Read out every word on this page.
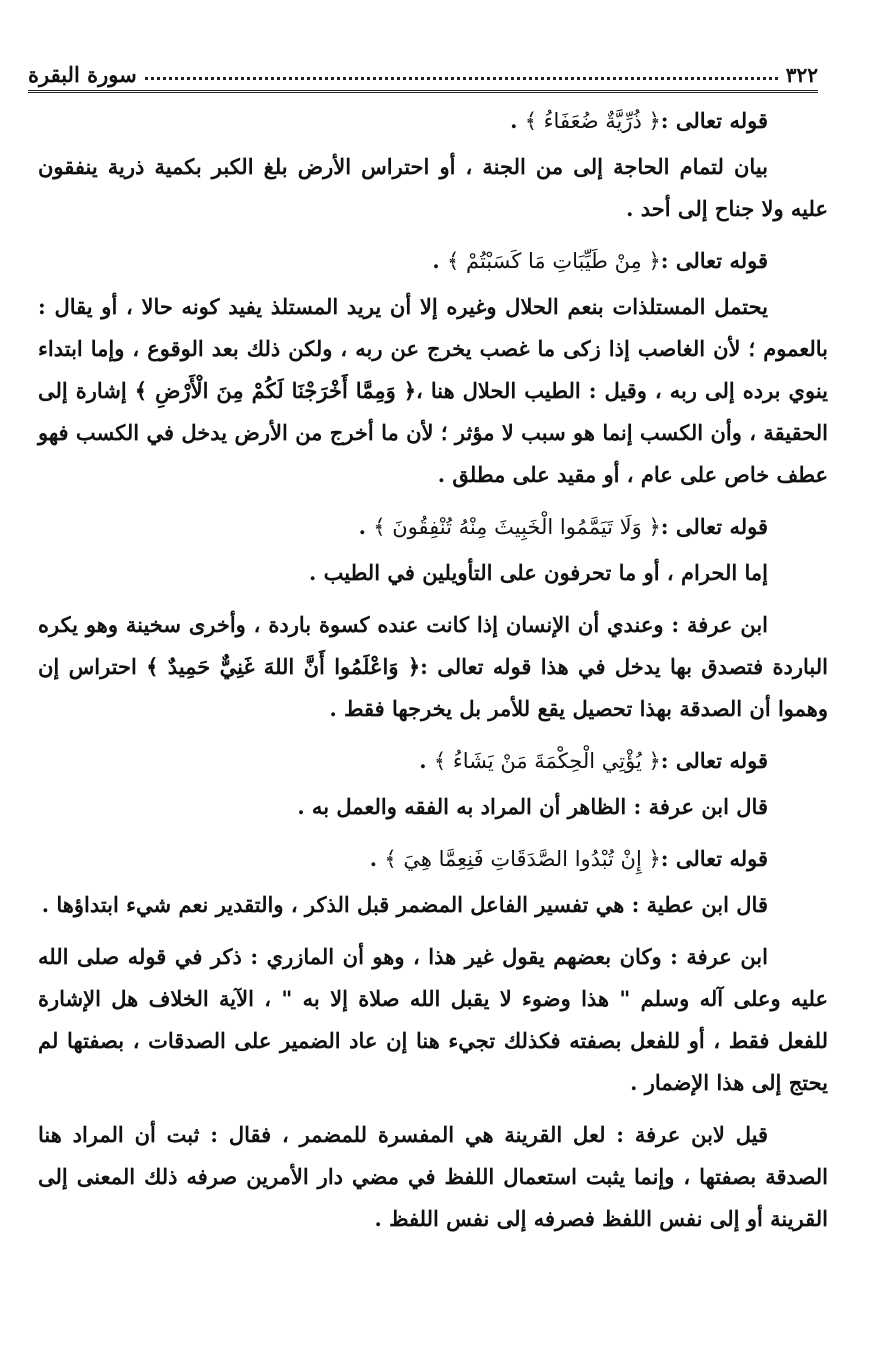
٣٢٢
سورة البقرة

قوله تعالى :﴿ ذُرِّيَّةٌ ضُعَفَاءُ ﴾ .

بيان لتمام الحاجة إلى من الجنة ، أو احتراس الأرض بلغ الكبر بكمية ذرية ينفقون عليه ولا جناح إلى أحد .

قوله تعالى :﴿ مِنْ طَيِّبَاتِ مَا كَسَبْتُمْ ﴾ .

يحتمل المستلذات بنعم الحلال وغيره إلا أن يريد المستلذ يفيد كونه حالا ، أو يقال : بالعموم ؛ لأن الغاصب إذا زكى ما غصب يخرج عن ربه ، ولكن ذلك بعد الوقوع ، وإما ابتداء ينوي برده إلى ربه ، وقيل : الطيب الحلال هنا ،﴿ وَمِمَّا أَخْرَجْنَا لَكُمْ مِنَ الْأَرْضِ ﴾ إشارة إلى الحقيقة ، وأن الكسب إنما هو سبب لا مؤثر ؛ لأن ما أخرج من الأرض يدخل في الكسب فهو عطف خاص على عام ، أو مقيد على مطلق .

قوله تعالى :﴿ وَلَا تَيَمَّمُوا الْخَبِيثَ مِنْهُ تُنْفِقُونَ ﴾ .

إما الحرام ، أو ما تحرفون على التأويلين في الطيب .

ابن عرفة : وعندي أن الإنسان إذا كانت عنده كسوة باردة ، وأخرى سخينة وهو يكره الباردة فتصدق بها يدخل في هذا قوله تعالى :﴿ وَاعْلَمُوا أَنَّ اللهَ غَنِيٌّ حَمِيدٌ ﴾ احتراس إن وهموا أن الصدقة بهذا تحصيل يقع للأمر بل يخرجها فقط .

قوله تعالى :﴿ يُؤْتِي الْحِكْمَةَ مَنْ يَشَاءُ ﴾ .

قال ابن عرفة : الظاهر أن المراد به الفقه والعمل به .

قوله تعالى :﴿ إِنْ تُبْدُوا الصَّدَقَاتِ فَنِعِمَّا هِيَ ﴾ .

قال ابن عطية : هي تفسير الفاعل المضمر قبل الذكر ، والتقدير نعم شيء ابتداؤها .

ابن عرفة : وكان بعضهم يقول غير هذا ، وهو أن المازري : ذكر في قوله صلى الله عليه وعلى آله وسلم " هذا وضوء لا يقبل الله صلاة إلا به " ، الآية الخلاف هل الإشارة للفعل فقط ، أو للفعل بصفته فكذلك تجيء هنا إن عاد الضمير على الصدقات ، بصفتها لم يحتج إلى هذا الإضمار .

قيل لابن عرفة : لعل القرينة هي المفسرة للمضمر ، فقال : ثبت أن المراد هنا الصدقة بصفتها ، وإنما يثبت استعمال اللفظ في مضي دار الأمرين صرفه ذلك المعنى إلى القرينة أو إلى نفس اللفظ فصرفه إلى نفس اللفظ .
